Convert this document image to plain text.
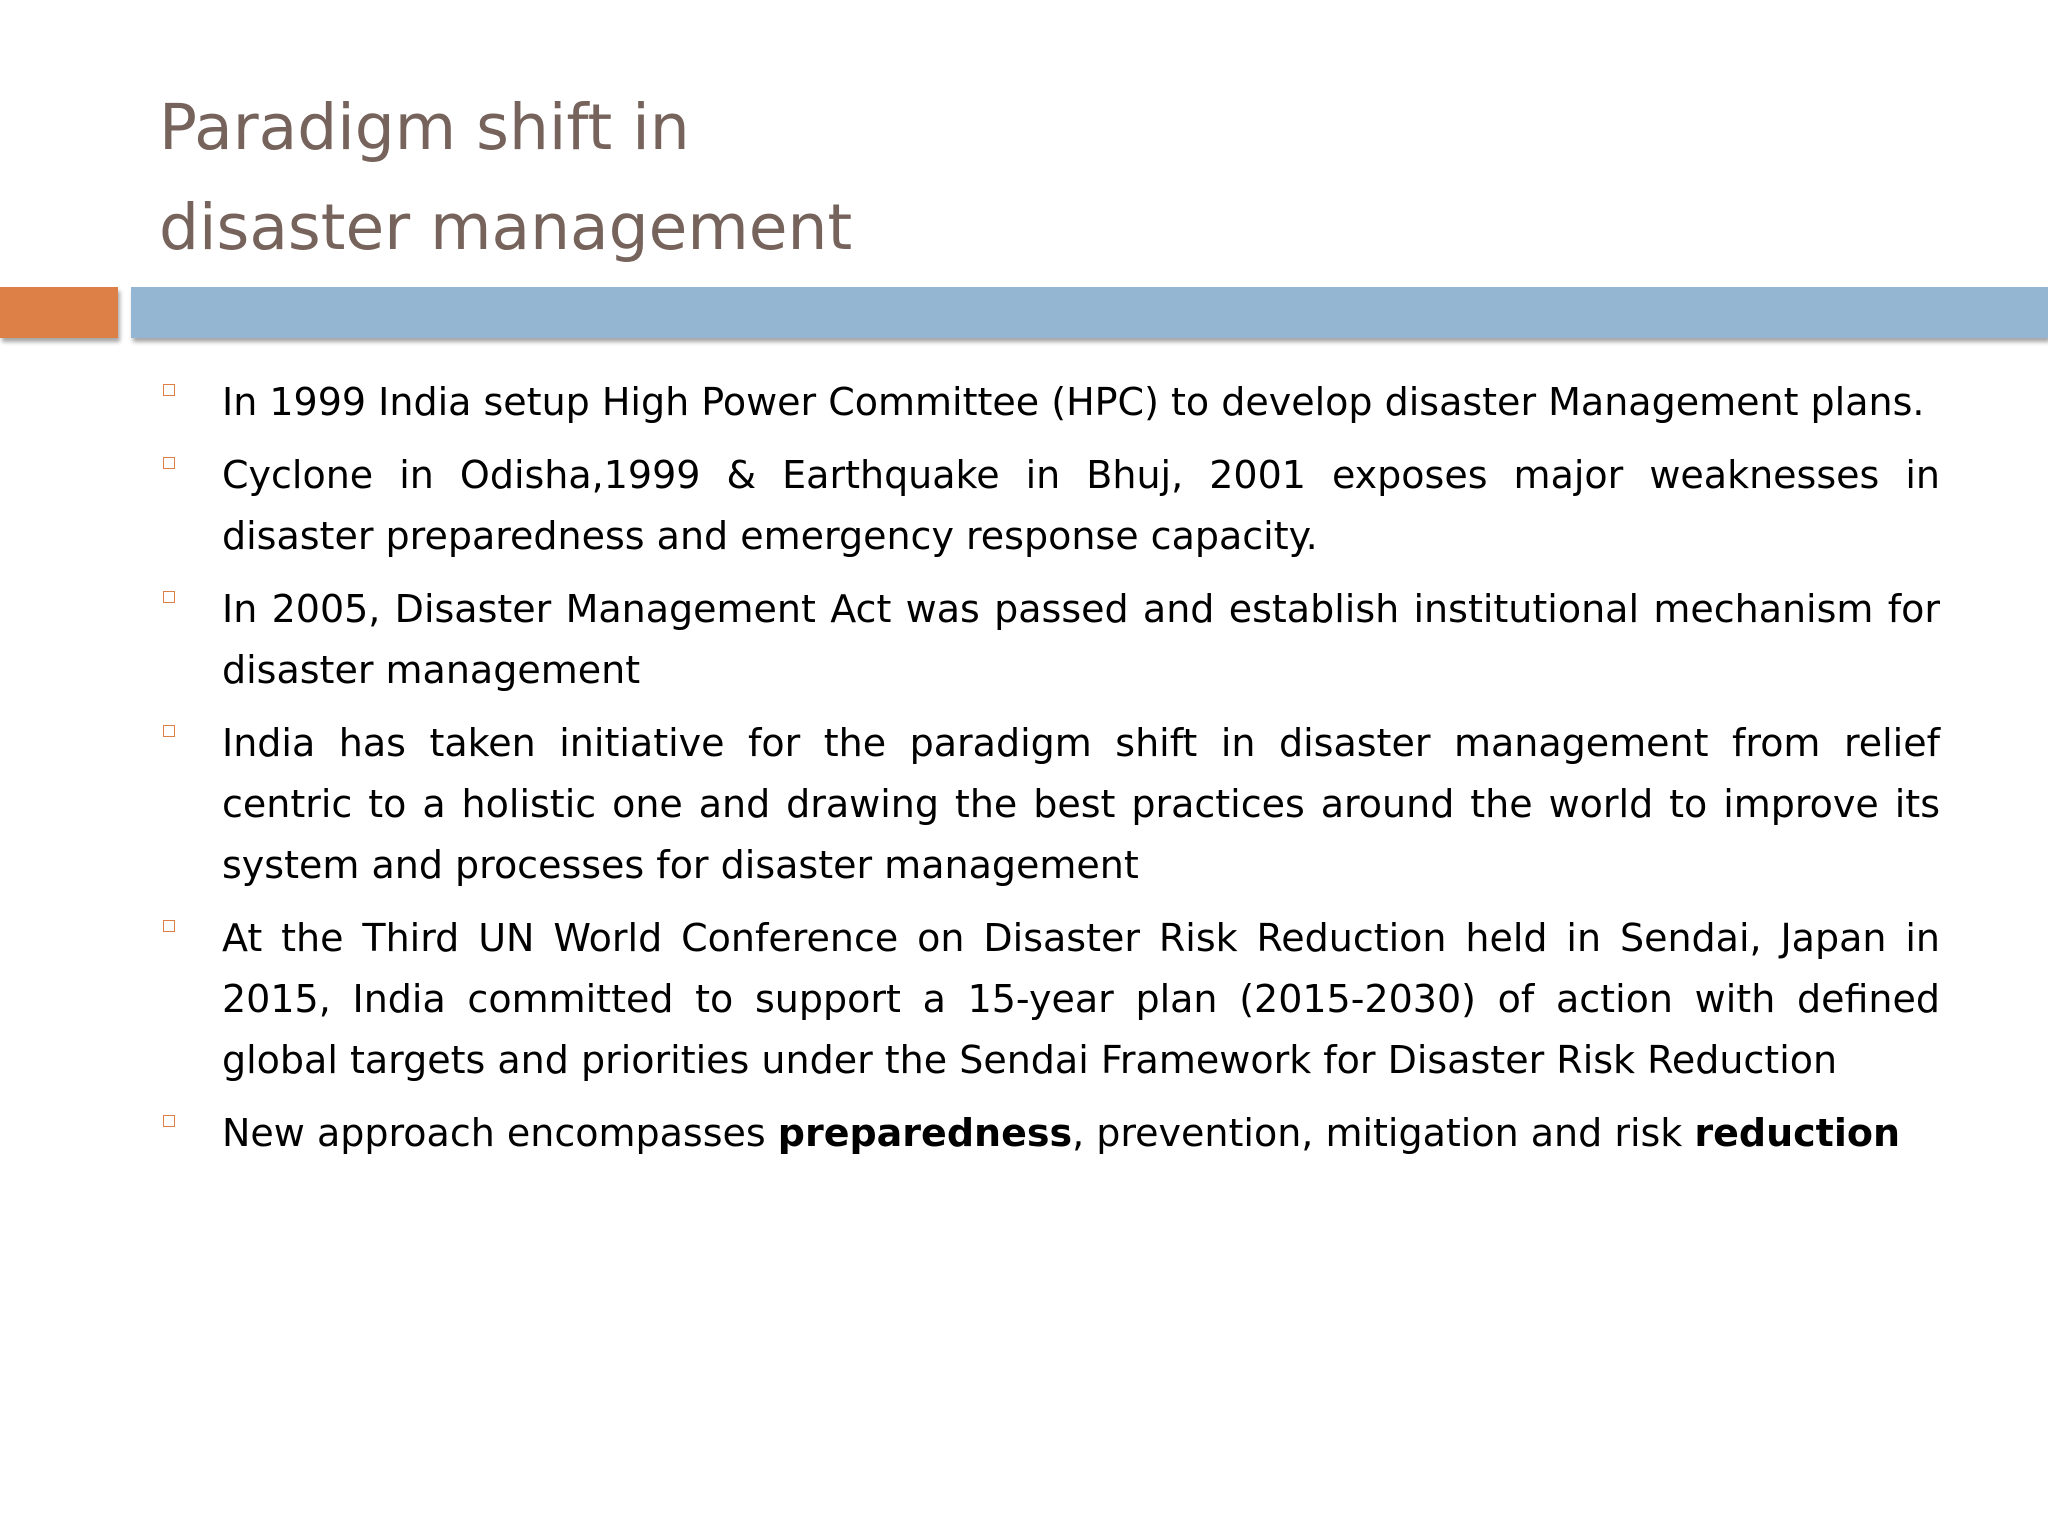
Paradigm shift in
disaster management
In 1999 India setup High Power Committee (HPC) to develop disaster Management plans.
Cyclone in Odisha,1999 & Earthquake in Bhuj, 2001 exposes major weaknesses in disaster preparedness and emergency response capacity.
In 2005, Disaster Management Act was passed and establish institutional mechanism for disaster management
India has taken initiative for the paradigm shift in disaster management from relief centric to a holistic one and drawing the best practices around the world to improve its system and processes for disaster management
At the Third UN World Conference on Disaster Risk Reduction held in Sendai, Japan in 2015, India committed to support a 15-year plan (2015-2030) of action with defined global targets and priorities under the Sendai Framework for Disaster Risk Reduction
New approach encompasses preparedness, prevention, mitigation and risk reduction
